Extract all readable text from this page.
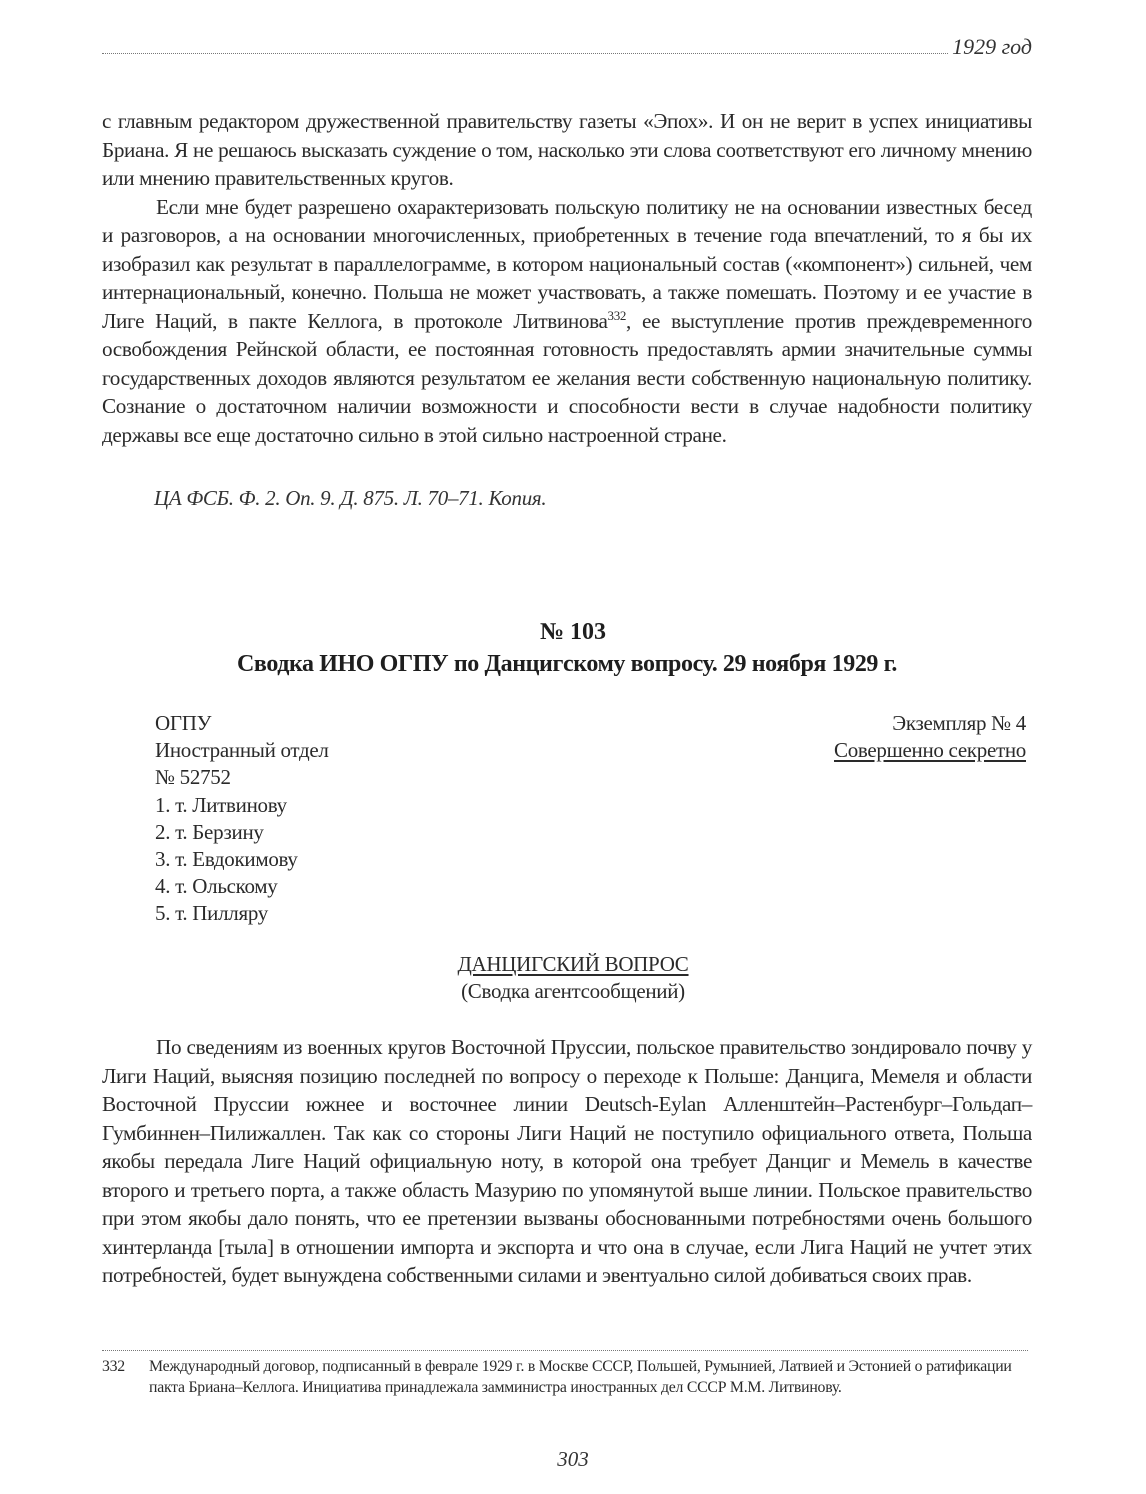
1929 год

с главным редактором дружественной правительству газеты «Эпох». И он не верит в успех инициативы Бриана. Я не решаюсь высказать суждение о том, насколько эти слова соответствуют его личному мнению или мнению правительственных кругов.

Если мне будет разрешено охарактеризовать польскую политику не на основании известных бесед и разговоров, а на основании многочисленных, приобретенных в течение года впечатлений, то я бы их изобразил как результат в параллелограмме, в котором национальный состав («компонент») сильней, чем интернациональный, конечно. Польша не может участвовать, а также помешать. Поэтому и ее участие в Лиге Наций, в пакте Келлога, в протоколе Литвинова$^{332}$, ее выступление против преждевременного освобождения Рейнской области, ее постоянная готовность предоставлять армии значительные суммы государственных доходов являются результатом ее желания вести собственную национальную политику. Сознание о достаточном наличии возможности и способности вести в случае надобности политику державы все еще достаточно сильно в этой сильно настроенной стране.

ЦА ФСБ. Ф. 2. Оп. 9. Д. 875. Л. 70–71. Копия.
№ 103
Сводка ИНО ОГПУ по Данцигскому вопросу. 29 ноября 1929 г.
ОГПУ
Иностранный отдел
№ 52752
1. т. Литвинову
2. т. Берзину
3. т. Евдокимову
4. т. Ольскому
5. т. Пилляру
Экземпляр № 4
Совершенно секретно
ДАНЦИГСКИЙ ВОПРОС
(Сводка агентсообщений)

По сведениям из военных кругов Восточной Пруссии, польское правительство зондировало почву у Лиги Наций, выясняя позицию последней по вопросу о переходе к Польше: Данцига, Мемеля и области Восточной Пруссии южнее и восточнее линии Deutsch-Eylan Алленштейн–Растенбург–Гольдап–Гумбиннен–Пилижаллен. Так как со стороны Лиги Наций не поступило официального ответа, Польша якобы передала Лиге Наций официальную ноту, в которой она требует Данциг и Мемель в качестве второго и третьего порта, а также область Мазурию по упомянутой выше линии. Польское правительство при этом якобы дало понять, что ее претензии вызваны обоснованными потребностями очень большого хинтерланда [тыла] в отношении импорта и экспорта и что она в случае, если Лига Наций не учтет этих потребностей, будет вынуждена собственными силами и эвентуально силой добиваться своих прав.

332	Международный договор, подписанный в феврале 1929 г. в Москве СССР, Польшей, Румынией, Латвией и Эстонией о ратификации пакта Бриана–Келлога. Инициатива принадлежала замминистра иностранных дел СССР М.М. Литвинову.
303
